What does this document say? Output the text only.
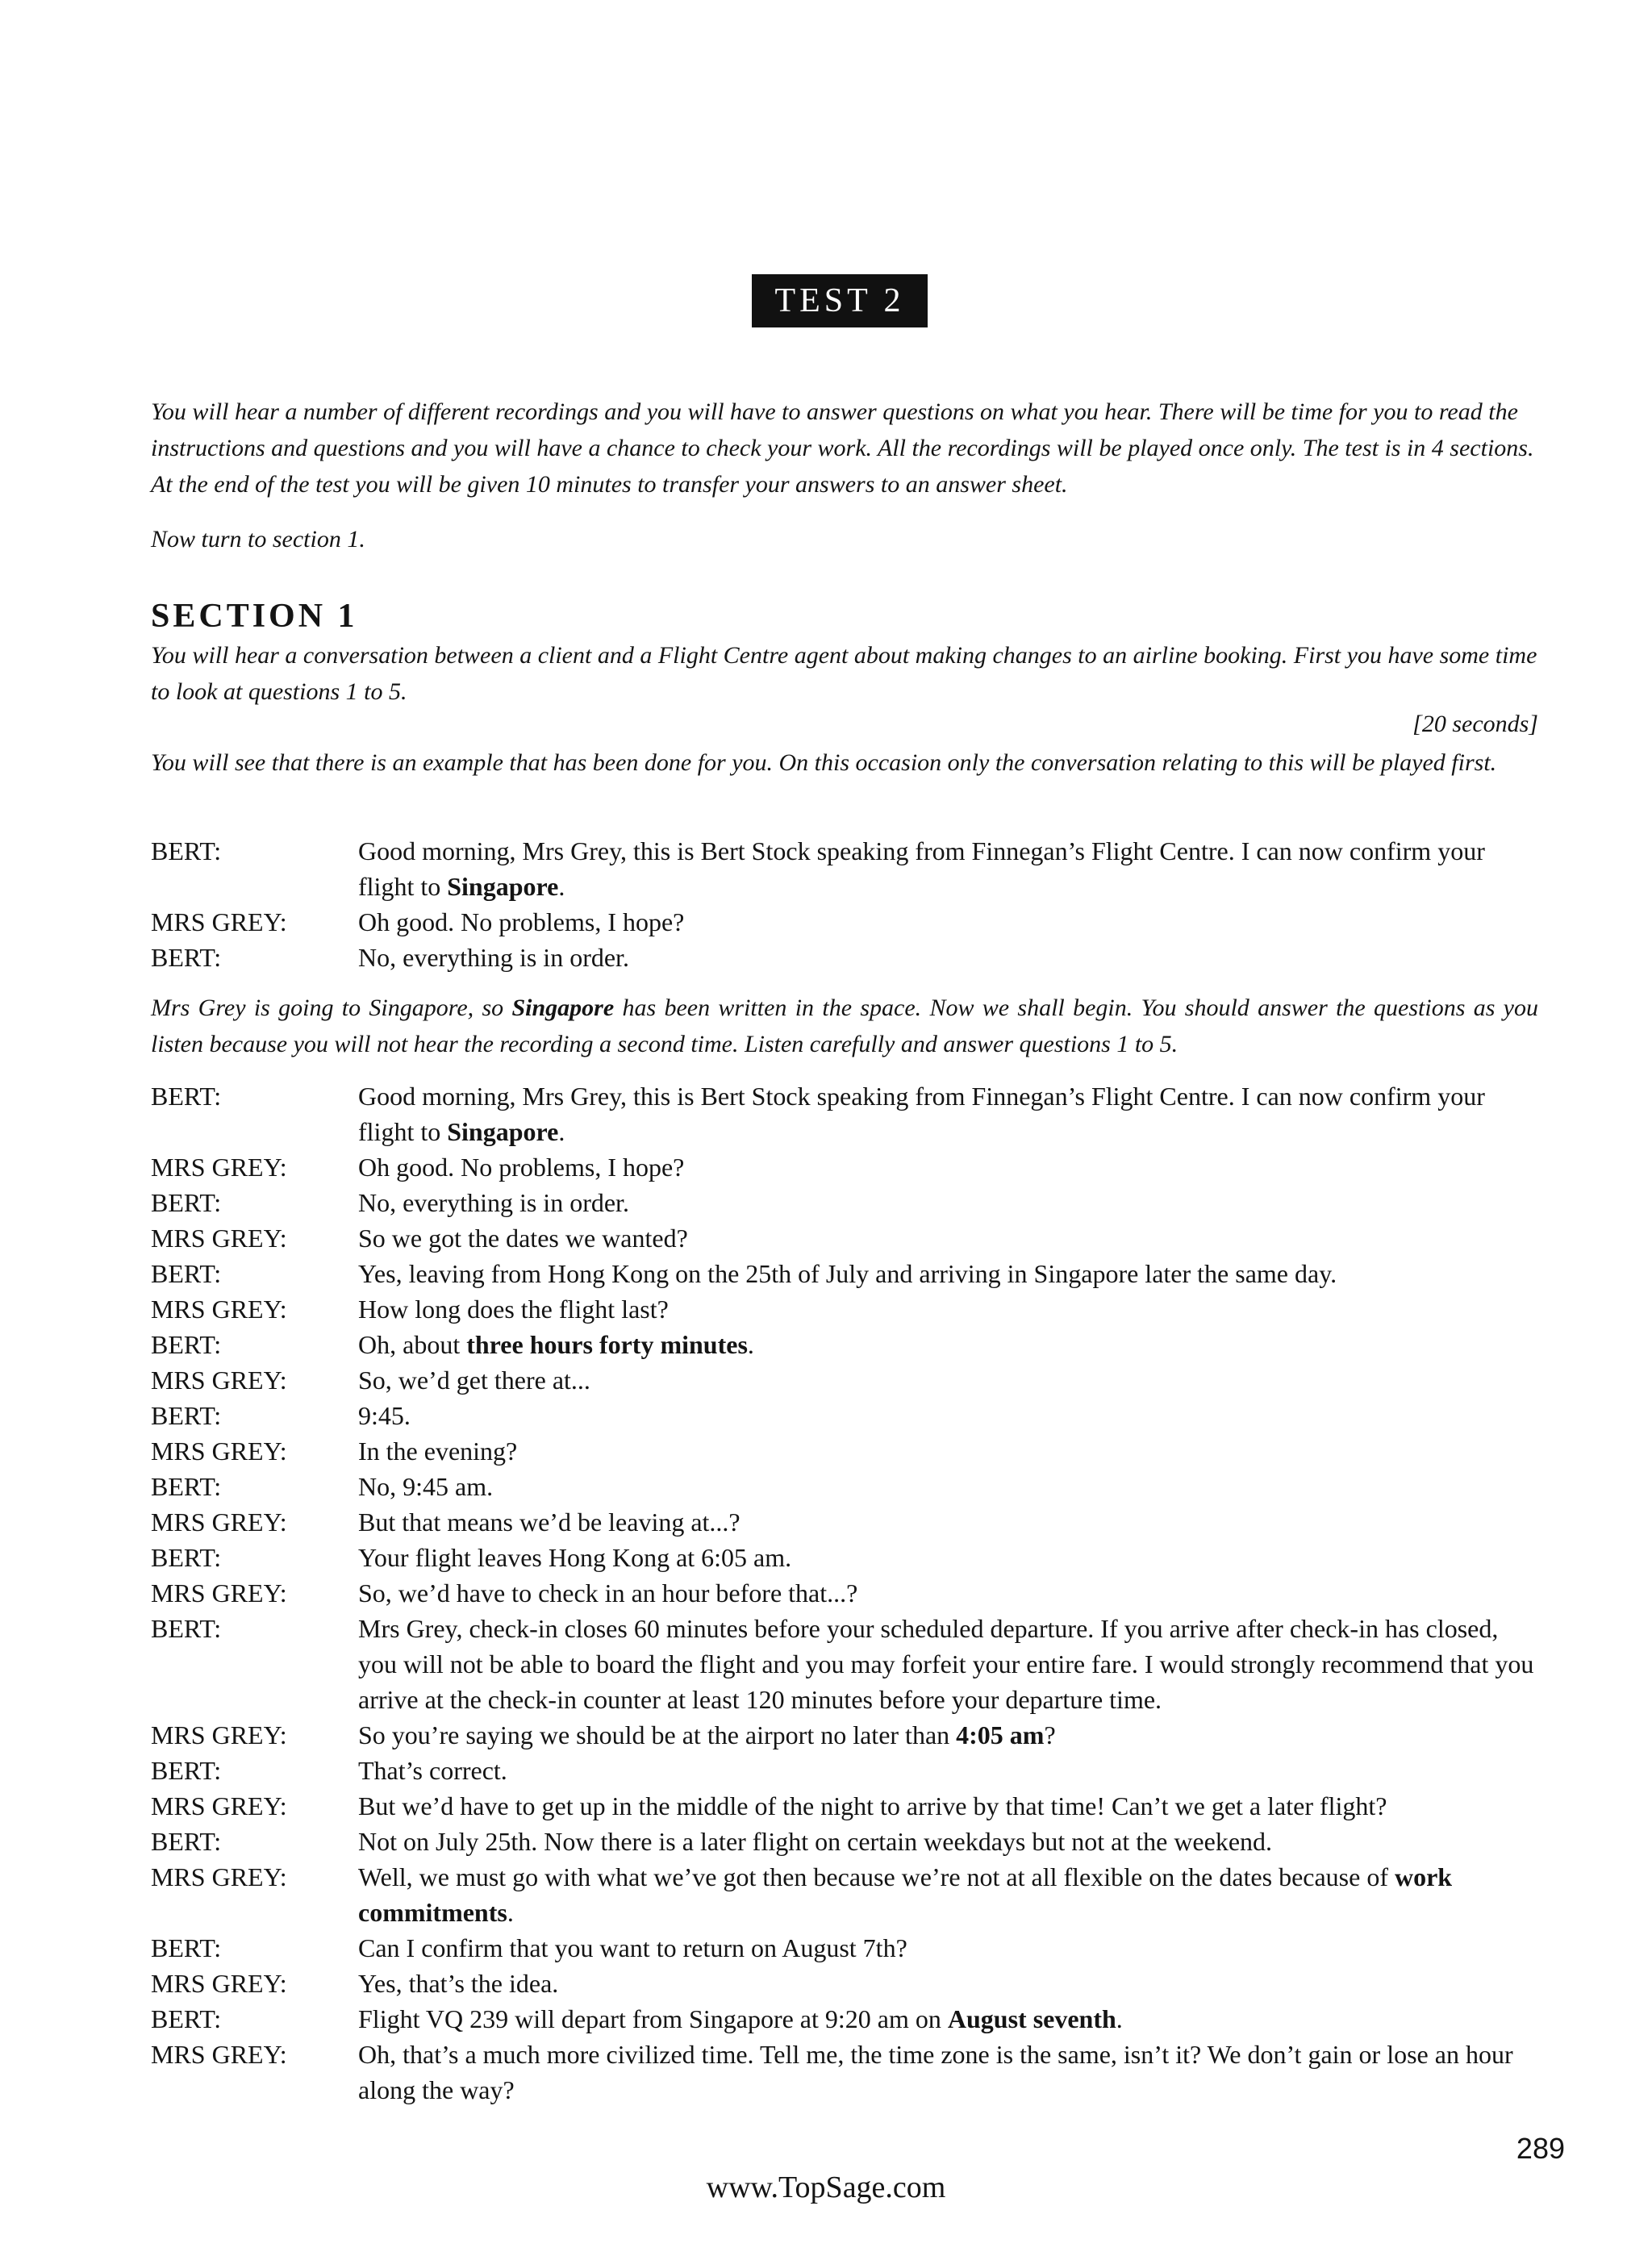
TEST 2
You will hear a number of different recordings and you will have to answer questions on what you hear. There will be time for you to read the instructions and questions and you will have a chance to check your work. All the recordings will be played once only. The test is in 4 sections. At the end of the test you will be given 10 minutes to transfer your answers to an answer sheet.
Now turn to section 1.
SECTION 1
You will hear a conversation between a client and a Flight Centre agent about making changes to an airline booking. First you have some time to look at questions 1 to 5.
[20 seconds]
You will see that there is an example that has been done for you. On this occasion only the conversation relating to this will be played first.
BERT:	Good morning, Mrs Grey, this is Bert Stock speaking from Finnegan’s Flight Centre. I can now confirm your flight to Singapore.
MRS GREY:	Oh good. No problems, I hope?
BERT:	No, everything is in order.
Mrs Grey is going to Singapore, so Singapore has been written in the space. Now we shall begin. You should answer the questions as you listen because you will not hear the recording a second time. Listen carefully and answer questions 1 to 5.
BERT:	Good morning, Mrs Grey, this is Bert Stock speaking from Finnegan’s Flight Centre. I can now confirm your flight to Singapore.
MRS GREY:	Oh good. No problems, I hope?
BERT:	No, everything is in order.
MRS GREY:	So we got the dates we wanted?
BERT:	Yes, leaving from Hong Kong on the 25th of July and arriving in Singapore later the same day.
MRS GREY:	How long does the flight last?
BERT:	Oh, about three hours forty minutes.
MRS GREY:	So, we’d get there at...
BERT:	9:45.
MRS GREY:	In the evening?
BERT:	No, 9:45 am.
MRS GREY:	But that means we’d be leaving at...?
BERT:	Your flight leaves Hong Kong at 6:05 am.
MRS GREY:	So, we’d have to check in an hour before that...?
BERT:	Mrs Grey, check-in closes 60 minutes before your scheduled departure. If you arrive after check-in has closed, you will not be able to board the flight and you may forfeit your entire fare. I would strongly recommend that you arrive at the check-in counter at least 120 minutes before your departure time.
MRS GREY:	So you’re saying we should be at the airport no later than 4:05 am?
BERT:	That’s correct.
MRS GREY:	But we’d have to get up in the middle of the night to arrive by that time! Can’t we get a later flight?
BERT:	Not on July 25th. Now there is a later flight on certain weekdays but not at the weekend.
MRS GREY:	Well, we must go with what we’ve got then because we’re not at all flexible on the dates because of work commitments.
BERT:	Can I confirm that you want to return on August 7th?
MRS GREY:	Yes, that’s the idea.
BERT:	Flight VQ 239 will depart from Singapore at 9:20 am on August seventh.
MRS GREY:	Oh, that’s a much more civilized time. Tell me, the time zone is the same, isn’t it? We don’t gain or lose an hour along the way?
289
www.TopSage.com
